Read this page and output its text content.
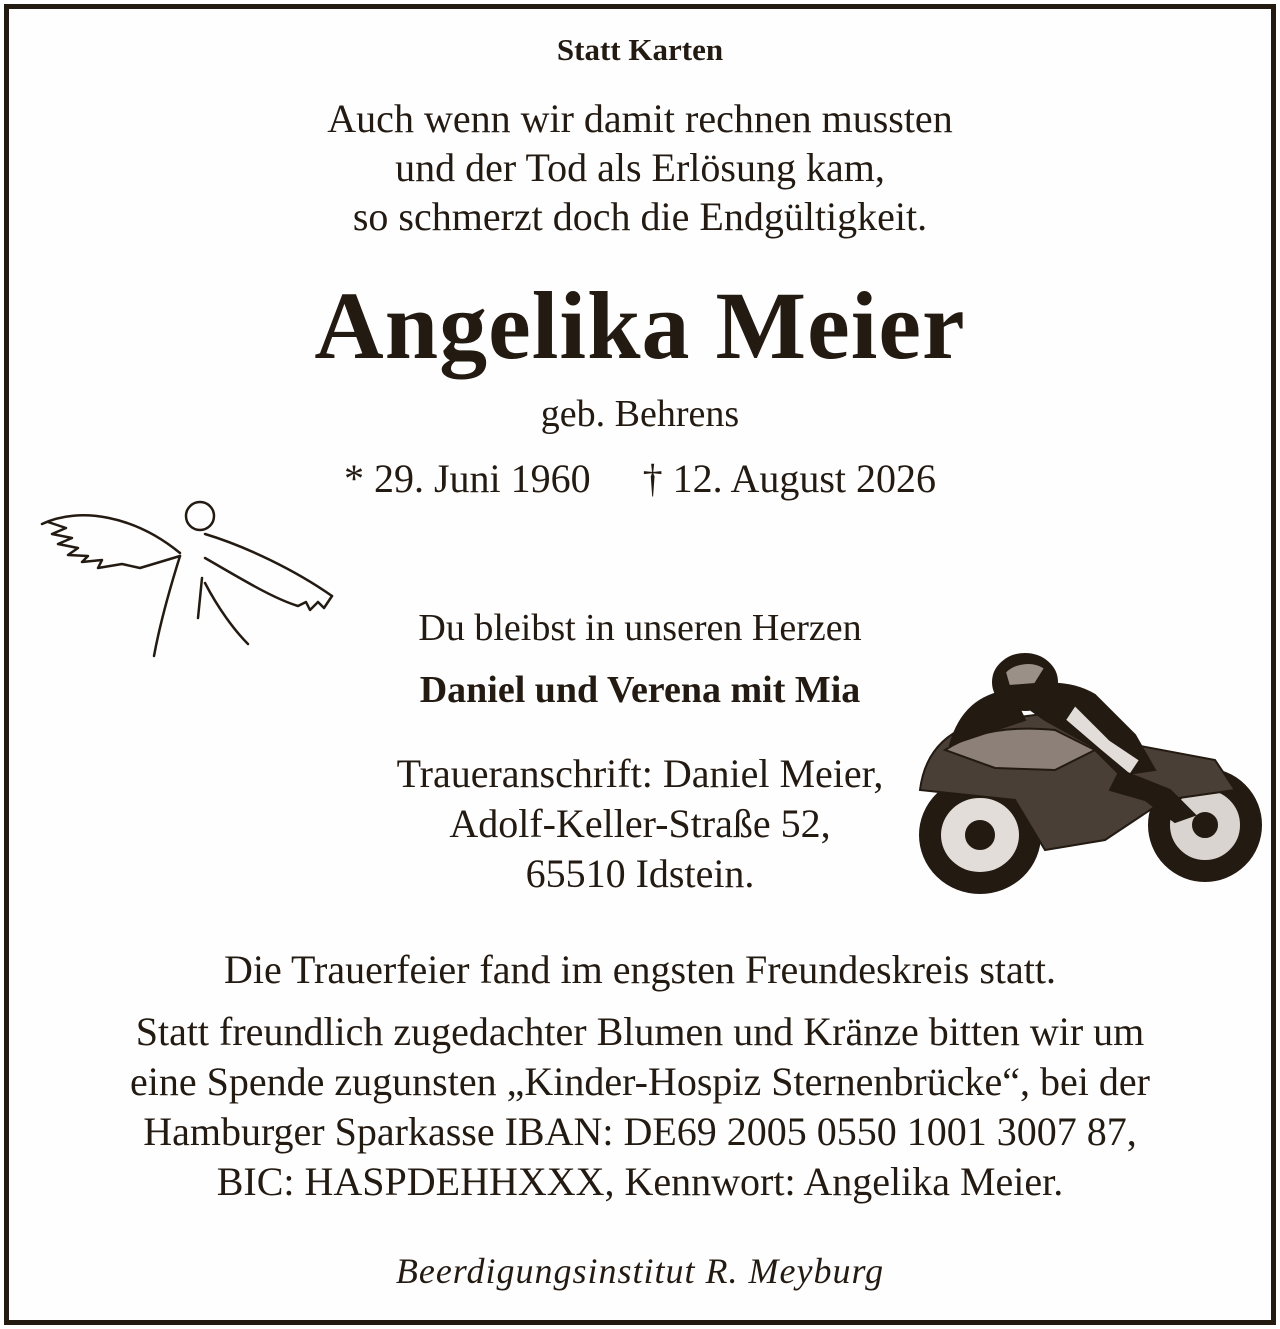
Statt Karten
Auch wenn wir damit rechnen mussten
und der Tod als Erlösung kam,
so schmerzt doch die Endgültigkeit.
Angelika Meier
geb. Behrens
* 29. Juni 1960 † 12. August 2026
Du bleibst in unseren Herzen
Daniel und Verena mit Mia
Traueranschrift: Daniel Meier,
Adolf-Keller-Straße 52,
65510 Idstein.
Die Trauerfeier fand im engsten Freundeskreis statt.
Statt freundlich zugedachter Blumen und Kränze bitten wir um
eine Spende zugunsten „Kinder-Hospiz Sternenbrücke“, bei der
Hamburger Sparkasse IBAN: DE69 2005 0550 1001 3007 87,
BIC: HASPDEHHXXX, Kennwort: Angelika Meier.
Beerdigungsinstitut R. Meyburg
